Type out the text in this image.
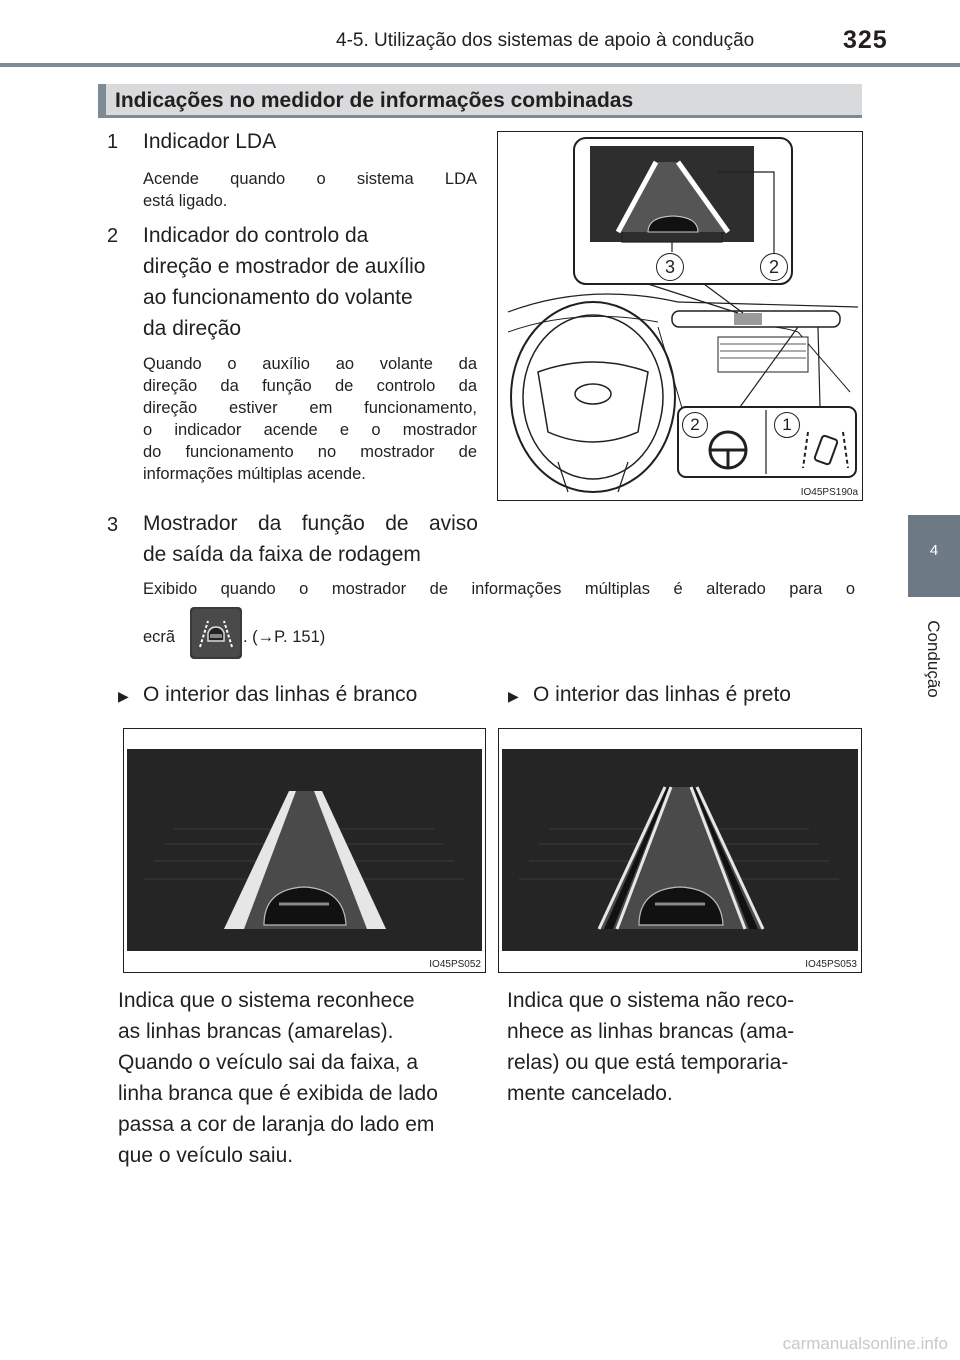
4-5. Utilização dos sistemas de apoio à condução	325
4
Condução
Indicações no medidor de informações combinadas
1 Indicador LDA
Acende quando o sistema LDA
está ligado.
2 Indicador do controlo da
direção e mostrador de auxílio
ao funcionamento do volante
da direção
Quando o auxílio ao volante da
direção da função de controlo da
direção estiver em funcionamento,
o indicador acende e o mostrador
do funcionamento no mostrador de
informações múltiplas acende.
3 Mostrador da função de aviso
de saída da faixa de rodagem
Exibido quando o mostrador de informações múltiplas é alterado para o
ecrã	. (→P. 151)
3	2
2	1
IO45PS190a
▶ O interior das linhas é branco	▶ O interior das linhas é preto
IO45PS052	IO45PS053
Indica que o sistema reconhece
as linhas brancas (amarelas).
Quando o veículo sai da faixa, a
linha branca que é exibida de lado
passa a cor de laranja do lado em
que o veículo saiu.
Indica que o sistema não reco-
nhece as linhas brancas (ama-
relas) ou que está temporaria-
mente cancelado.
carmanualsonline.info
